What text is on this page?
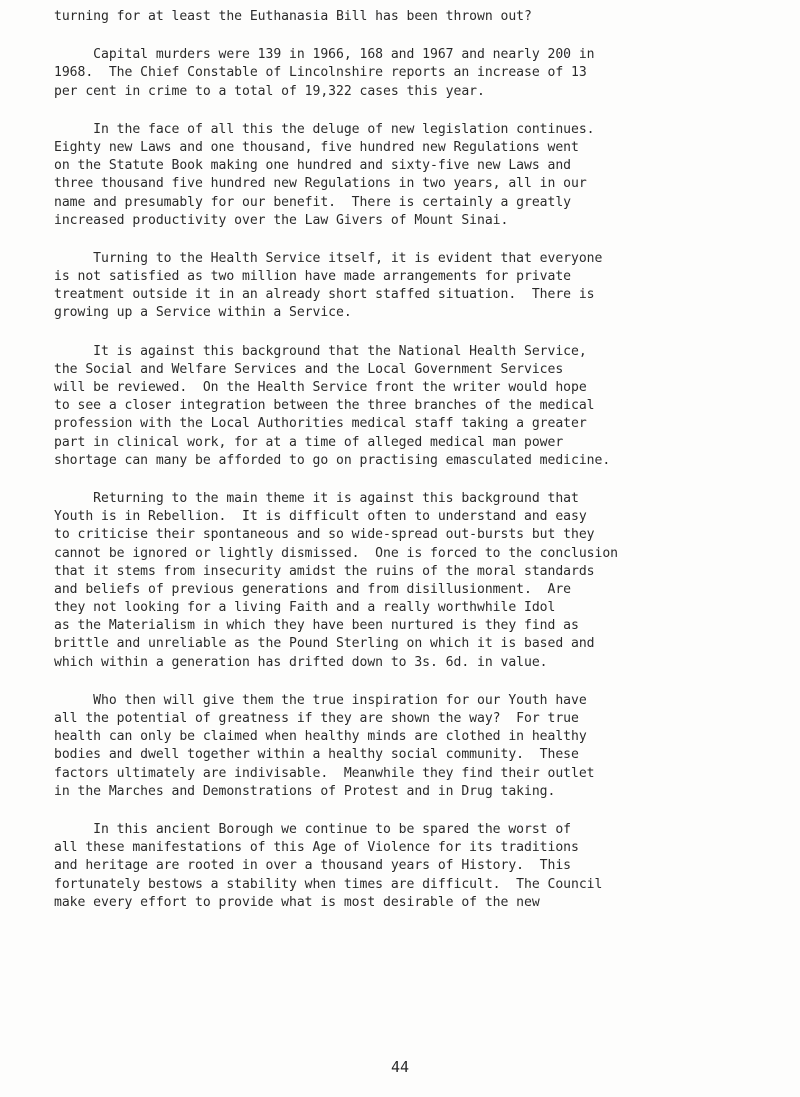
turning for at least the Euthanasia Bill has been thrown out?

Capital murders were 139 in 1966, 168 and 1967 and nearly 200 in
1968.  The Chief Constable of Lincolnshire reports an increase of 13
per cent in crime to a total of 19,322 cases this year.

In the face of all this the deluge of new legislation continues.
Eighty new Laws and one thousand, five hundred new Regulations went
on the Statute Book making one hundred and sixty-five new Laws and
three thousand five hundred new Regulations in two years, all in our
name and presumably for our benefit.  There is certainly a greatly
increased productivity over the Law Givers of Mount Sinai.

Turning to the Health Service itself, it is evident that everyone
is not satisfied as two million have made arrangements for private
treatment outside it in an already short staffed situation.  There is
growing up a Service within a Service.

It is against this background that the National Health Service,
the Social and Welfare Services and the Local Government Services
will be reviewed.  On the Health Service front the writer would hope
to see a closer integration between the three branches of the medical
profession with the Local Authorities medical staff taking a greater
part in clinical work, for at a time of alleged medical man power
shortage can many be afforded to go on practising emasculated medicine.

Returning to the main theme it is against this background that
Youth is in Rebellion.  It is difficult often to understand and easy
to criticise their spontaneous and so wide-spread out-bursts but they
cannot be ignored or lightly dismissed.  One is forced to the conclusion
that it stems from insecurity amidst the ruins of the moral standards
and beliefs of previous generations and from disillusionment.  Are
they not looking for a living Faith and a really worthwhile Idol
as the Materialism in which they have been nurtured is they find as
brittle and unreliable as the Pound Sterling on which it is based and
which within a generation has drifted down to 3s. 6d. in value.

Who then will give them the true inspiration for our Youth have
all the potential of greatness if they are shown the way?  For true
health can only be claimed when healthy minds are clothed in healthy
bodies and dwell together within a healthy social community.  These
factors ultimately are indivisable.  Meanwhile they find their outlet
in the Marches and Demonstrations of Protest and in Drug taking.

In this ancient Borough we continue to be spared the worst of
all these manifestations of this Age of Violence for its traditions
and heritage are rooted in over a thousand years of History.  This
fortunately bestows a stability when times are difficult.  The Council
make every effort to provide what is most desirable of the new

44
